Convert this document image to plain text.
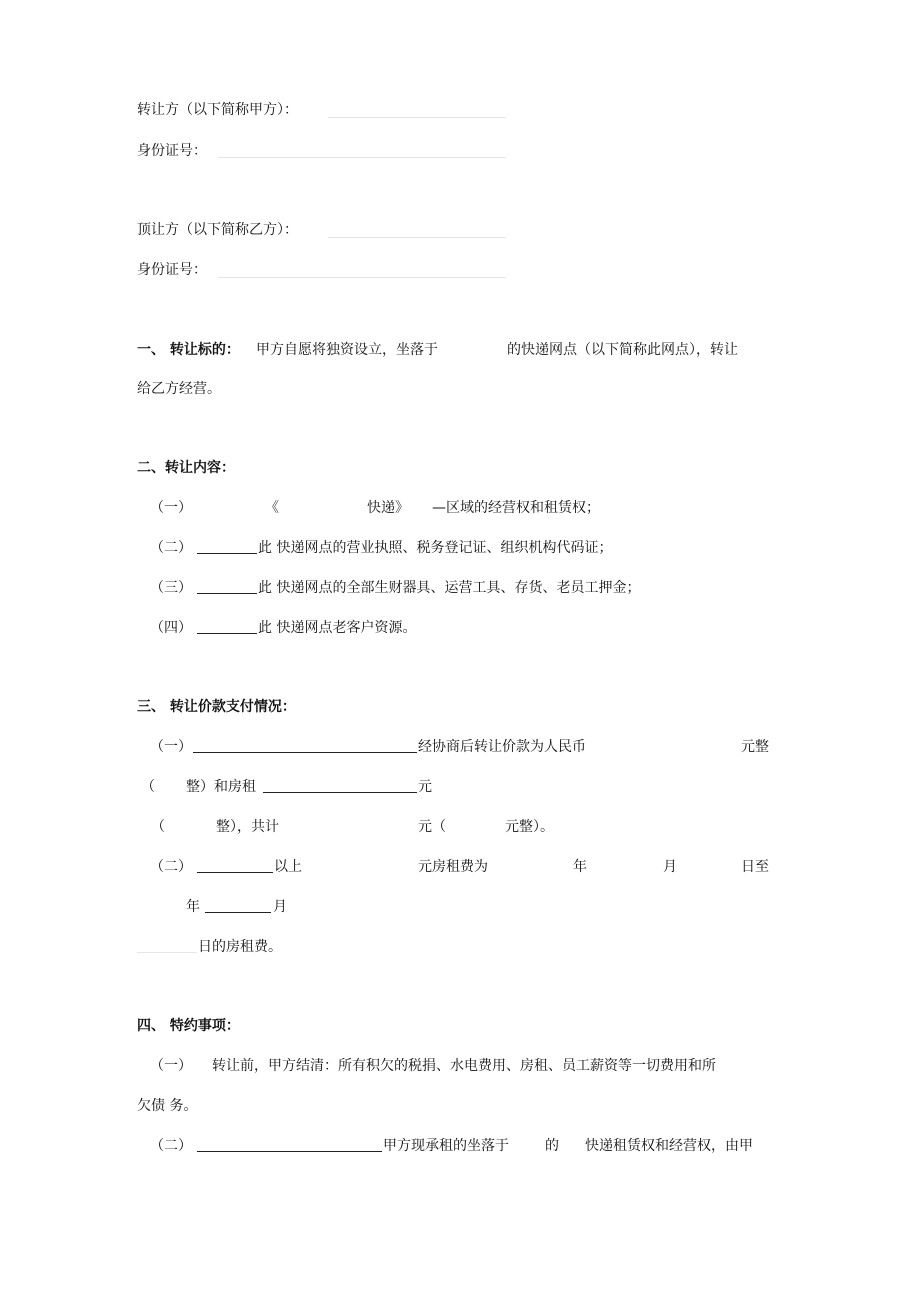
转让方（以下简称甲方）：
身份证号：
顶让方（以下简称乙方）：
身份证号：
一、 转让标的： 甲方自愿将独资设立，坐落于	的快递网点（以下简称此网点），转让
给乙方经营。
二、转让内容：
（一）	《	快递》 —区域的经营权和租赁权；
（二）	此 快递网点的营业执照、税务登记证、组织机构代码证；
（三）	此 快递网点的全部生财器具、运营工具、存货、老员工押金；
（四）	此 快递网点老客户资源。
三、 转让价款支付情况：
（一）	经协商后转让价款为人民币	元整
（ 整）和房租	元
（	整），共计	元（	元整）。
（二）	以上	元房租费为	年	月	日至
年	月
日的房租费。
四、 特约事项：
（一） 转让前，甲方结清：所有积欠的税捐、水电费用、房租、员工薪资等一切费用和所
欠债 务。
（二）	甲方现承租的坐落于	的 快递租赁权和经营权，由甲
